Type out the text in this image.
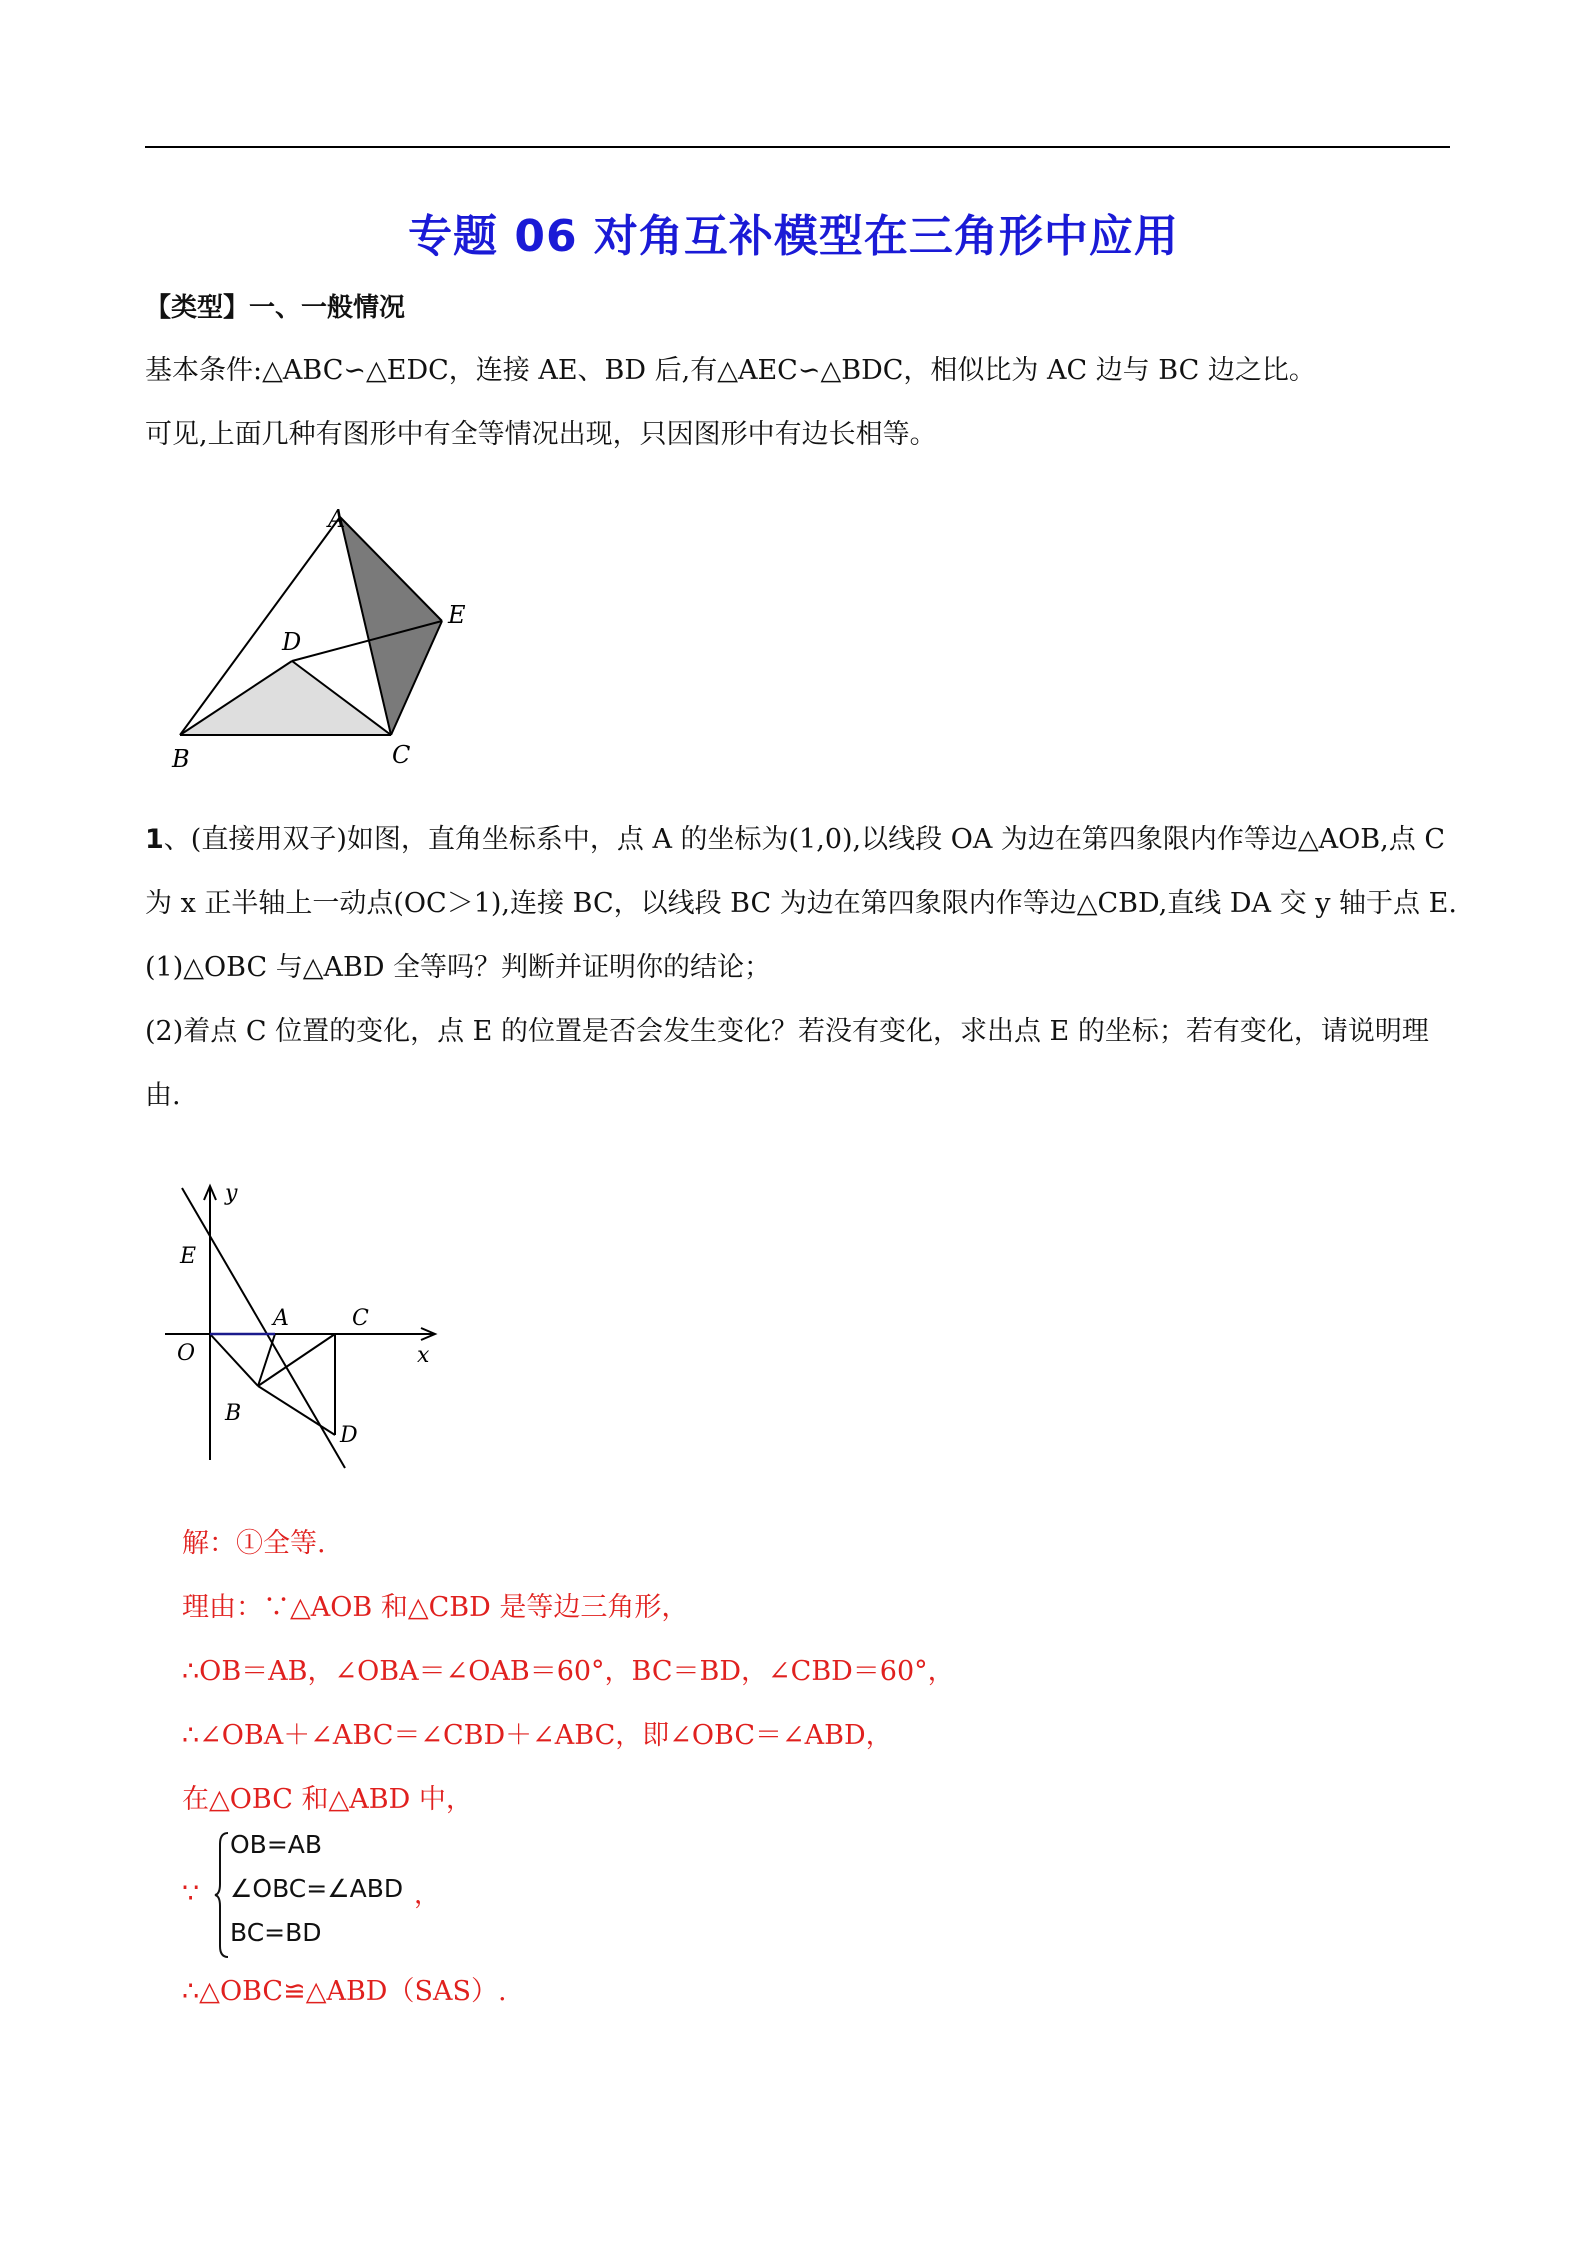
专题 06 对角互补模型在三角形中应用
【类型】一、一般情况
基本条件:△ABC∽△EDC，连接 AE、BD 后,有△AEC∽△BDC，相似比为 AC 边与 BC 边之比。
可见,上面几种有图形中有全等情况出现，只因图形中有边长相等。
A
E
D
B	C
1、(直接用双子)如图，直角坐标系中，点 A 的坐标为(1,0),以线段 OA 为边在第四象限内作等边△AOB,点 C
为 x 正半轴上一动点(OC＞1),连接 BC，以线段 BC 为边在第四象限内作等边△CBD,直线 DA 交 y 轴于点 E.
(1)△OBC 与△ABD 全等吗？判断并证明你的结论；
(2)着点 C 位置的变化，点 E 的位置是否会发生变化？若没有变化，求出点 E 的坐标；若有变化，请说明理
由.
y
E
A	C
O	x
B
D
解：①全等.
理由：∵△AOB 和△CBD 是等边三角形，
∴OB＝AB，∠OBA＝∠OAB＝60°，BC＝BD，∠CBD＝60°，
∴∠OBA＋∠ABC＝∠CBD＋∠ABC，即∠OBC＝∠ABD，
在△OBC 和△ABD 中，
∵
OB=AB
∠OBC=∠ABD ，
BC=BD
∴△OBC≌△ABD（SAS）.
